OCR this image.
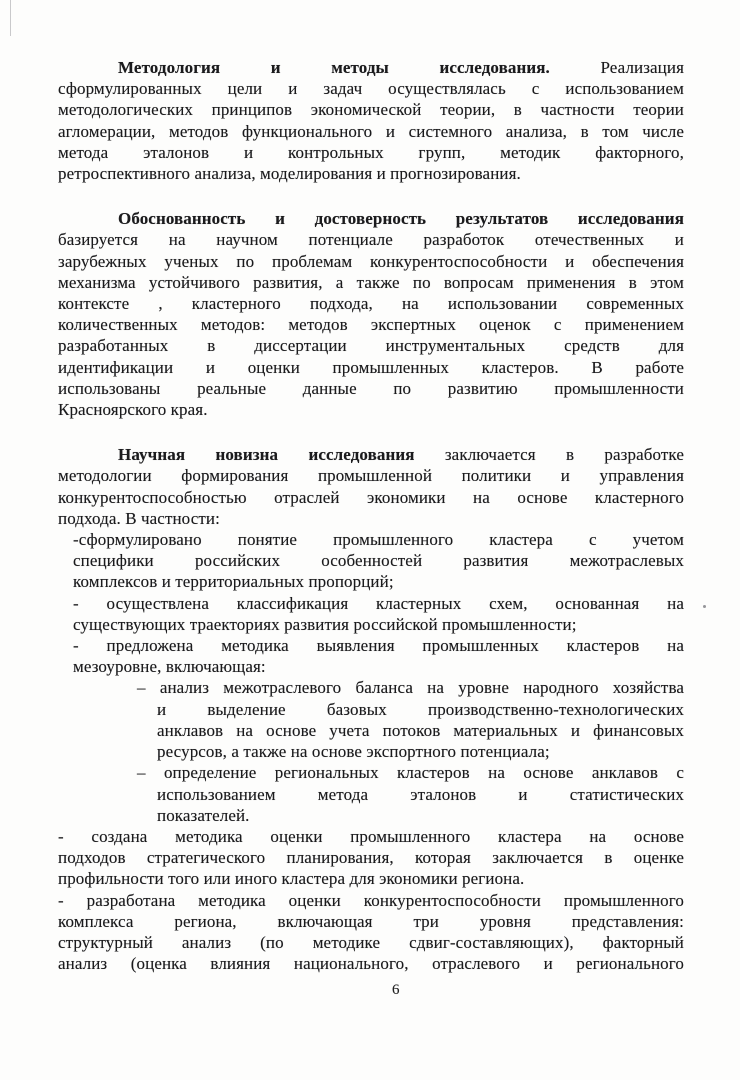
Методология и методы исследования. Реализация
сформулированных цели и задач осуществлялась с использованием
методологических принципов экономической теории, в частности теории
агломерации, методов функционального и системного анализа, в том числе
метода эталонов и контрольных групп, методик факторного,
ретроспективного анализа, моделирования и прогнозирования.
Обоснованность и достоверность результатов исследования
базируется на научном потенциале разработок отечественных и
зарубежных ученых по проблемам конкурентоспособности и обеспечения
механизма устойчивого развития, а также по вопросам применения в этом
контексте , кластерного подхода, на использовании современных
количественных методов: методов экспертных оценок с применением
разработанных в диссертации инструментальных средств для
идентификации и оценки промышленных кластеров. В работе
использованы реальные данные по развитию промышленности
Красноярского края.
Научная новизна исследования заключается в разработке
методологии формирования промышленной политики и управления
конкурентоспособностью отраслей экономики на основе кластерного
подхода. В частности:
-сформулировано понятие промышленного кластера с учетом
специфики российских особенностей развития межотраслевых
комплексов и территориальных пропорций;
- осуществлена классификация кластерных схем, основанная на
существующих траекториях развития российской промышленности;
- предложена методика выявления промышленных кластеров на
мезоуровне, включающая:
– анализ межотраслевого баланса на уровне народного хозяйства
и выделение базовых производственно-технологических
анклавов на основе учета потоков материальных и финансовых
ресурсов, а также на основе экспортного потенциала;
– определение региональных кластеров на основе анклавов с
использованием метода эталонов и статистических
показателей.
- создана методика оценки промышленного кластера на основе
подходов стратегического планирования, которая заключается в оценке
профильности того или иного кластера для экономики региона.
- разработана методика оценки конкурентоспособности промышленного
комплекса региона, включающая три уровня представления:
структурный анализ (по методике сдвиг-составляющих), факторный
анализ (оценка влияния национального, отраслевого и регионального
6
